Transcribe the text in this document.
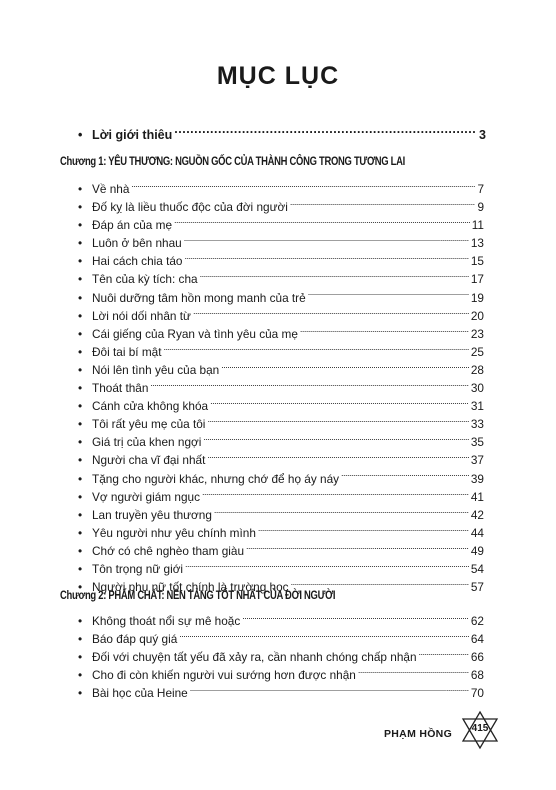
MỤC LỤC
• Lời giới thiêu .....	3
Chương 1: YÊU THƯƠNG: NGUỒN GỐC CỦA THÀNH CÔNG TRONG TƯƠNG LAI
• Về nhà .....	7
• Đố kỵ là liều thuốc độc của đời người .....	9
• Đáp án của mẹ .....	11
• Luôn ở bên nhau .....	13
• Hai cách chia táo .....	15
• Tên của kỳ tích: cha .....	17
• Nuôi dưỡng tâm hồn mong manh của trẻ .....	19
• Lời nói dối nhân từ .....	20
• Cái giếng của Ryan và tình yêu của mẹ .....	23
• Đôi tai bí mật .....	25
• Nói lên tình yêu của bạn .....	28
• Thoát thân .....	30
• Cánh cửa không khóa .....	31
• Tôi rất yêu mẹ của tôi .....	33
• Giá trị của khen ngợi .....	35
• Người cha vĩ đại nhất .....	37
• Tặng cho người khác, nhưng chớ để họ áy náy .....	39
• Vợ người giám ngục .....	41
• Lan truyền yêu thương .....	42
• Yêu người như yêu chính mình .....	44
• Chớ có chê nghèo tham giàu .....	49
• Tôn trọng nữ giới .....	54
• Người phụ nữ tốt chính là trường học .....	57
Chương 2: PHẨM CHẤT: NỀN TẢNG TỐT NHẤT CỦA ĐỜI NGƯỜI
• Không thoát nổi sự mê hoặc .....	62
• Báo đáp quý giá .....	64
• Đối với chuyện tất yếu đã xảy ra, cần nhanh chóng chấp nhận .....	66
• Cho đi còn khiến người vui sướng hơn được nhận .....	68
• Bài học của Heine .....	70
PHẠM HỒNG	415
